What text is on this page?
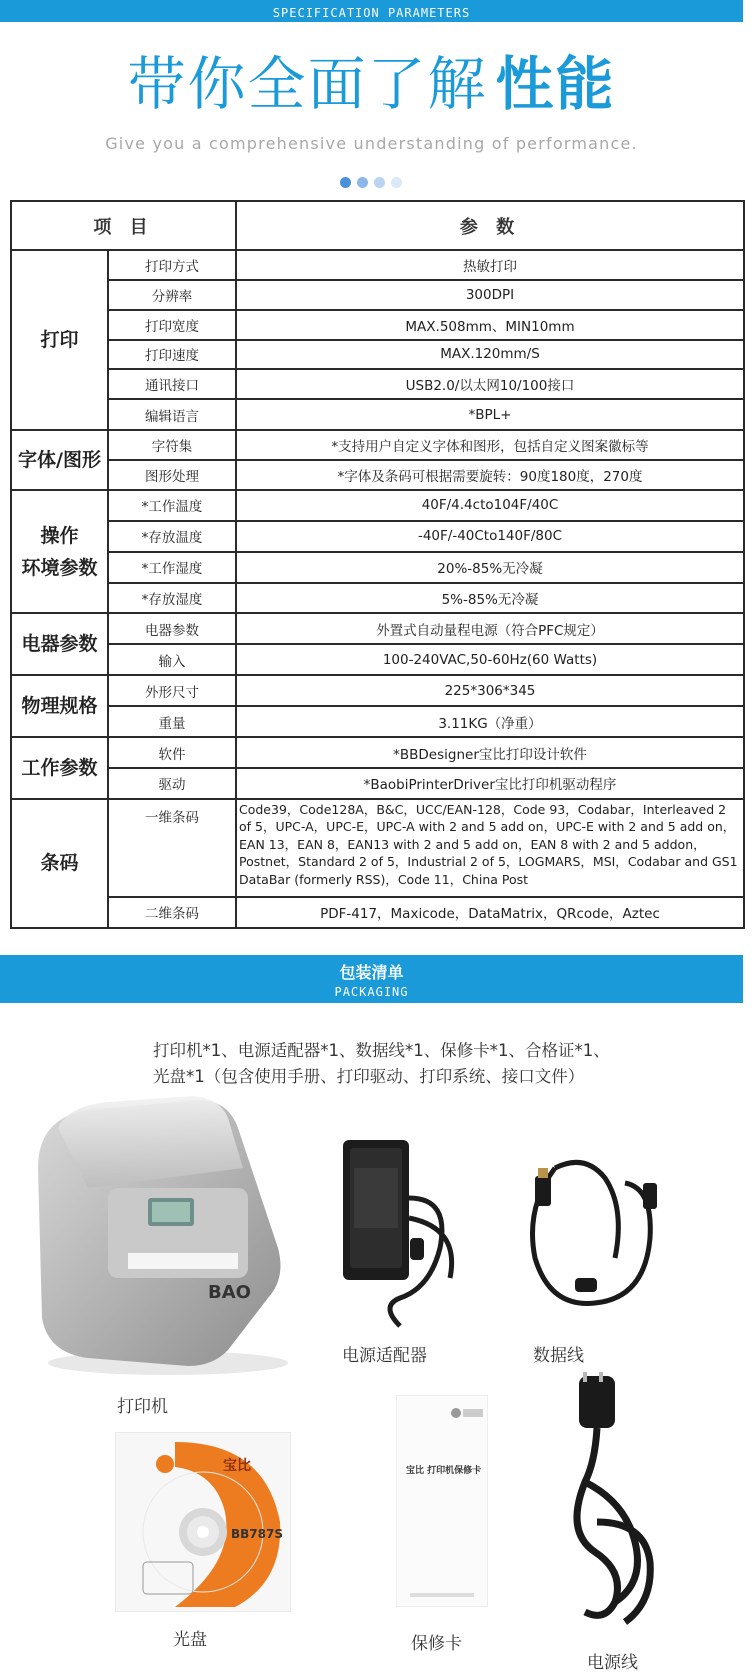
SPECIFICATION PARAMETERS
带你全面了解 性能
Give you a comprehensive understanding of performance.
项 目		参 数
打印	打印方式	热敏打印
	分辨率	300DPI
	打印宽度	MAX.508mm、MIN10mm
	打印速度	MAX.120mm/S
	通讯接口	USB2.0/以太网10/100接口
	编辑语言	*BPL+
字体/图形	字符集	*支持用户自定义字体和图形，包括自定义图案徽标等
	图形处理	*字体及条码可根据需要旋转：90度180度，270度
操作
环境参数	*工作温度	40F/4.4cto104F/40C
	*存放温度	-40F/-40Cto140F/80C
	*工作湿度	20%-85%无冷凝
	*存放湿度	5%-85%无冷凝
电器参数	电器参数	外置式自动量程电源（符合PFC规定）
	输入	100-240VAC,50-60Hz(60 Watts)
物理规格	外形尺寸	225*306*345
	重量	3.11KG（净重）
工作参数	软件	*BBDesigner宝比打印设计软件
	驱动	*BaobiPrinterDriver宝比打印机驱动程序
条码	一维条码	Code39，Code128A，B&C，UCC/EAN-128，Code 93，Codabar，Interleaved 2 of 5，UPC-A，UPC-E，UPC-A with 2 and 5 add on，UPC-E with 2 and 5 add on，EAN 13，EAN 8，EAN13 with 2 and 5 add on，EAN 8 with 2 and 5 addon，Postnet，Standard 2 of 5，Industrial 2 of 5，LOGMARS，MSI，Codabar and GS1 DataBar (formerly RSS)，Code 11，China Post
	二维条码	PDF-417，Maxicode，DataMatrix，QRcode，Aztec
包装清单
PACKAGING
打印机*1、电源适配器*1、数据线*1、保修卡*1、合格证*1、
光盘*1（包含使用手册、打印驱动、打印系统、接口文件）
BAO
打印机
电源适配器	数据线
BB787S
宝比
光盘
宝比 打印机保修卡
保修卡
电源线
